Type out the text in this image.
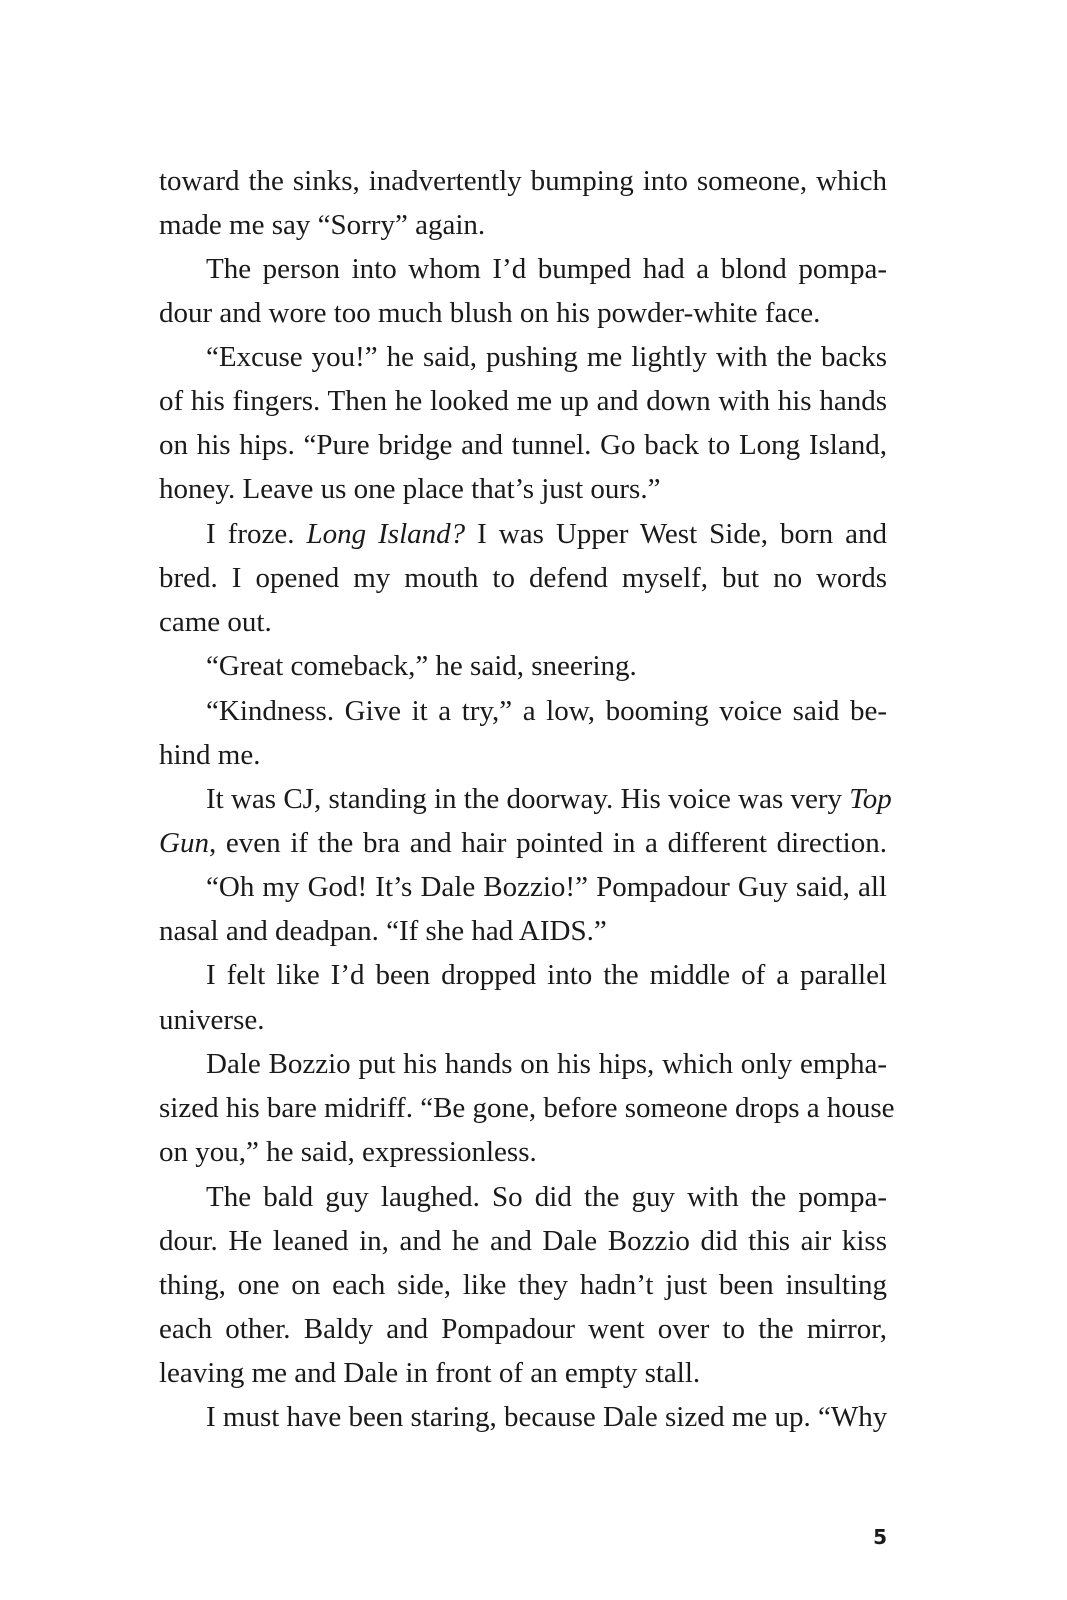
toward the sinks, inadvertently bumping into someone, which
made me say “Sorry” again.
The person into whom I’d bumped had a blond pompa-
dour and wore too much blush on his powder-white face.
“Excuse you!” he said, pushing me lightly with the backs
of his fingers. Then he looked me up and down with his hands
on his hips. “Pure bridge and tunnel. Go back to Long Island,
honey. Leave us one place that’s just ours.”
I froze. Long Island? I was Upper West Side, born and
bred. I opened my mouth to defend myself, but no words
came out.
“Great comeback,” he said, sneering.
“Kindness. Give it a try,” a low, booming voice said be-
hind me.
It was CJ, standing in the doorway. His voice was very Top
Gun, even if the bra and hair pointed in a different direction.
“Oh my God! It’s Dale Bozzio!” Pompadour Guy said, all
nasal and deadpan. “If she had AIDS.”
I felt like I’d been dropped into the middle of a parallel
universe.
Dale Bozzio put his hands on his hips, which only empha-
sized his bare midriff. “Be gone, before someone drops a house
on you,” he said, expressionless.
The bald guy laughed. So did the guy with the pompa-
dour. He leaned in, and he and Dale Bozzio did this air kiss
thing, one on each side, like they hadn’t just been insulting
each other. Baldy and Pompadour went over to the mirror,
leaving me and Dale in front of an empty stall.
I must have been staring, because Dale sized me up. “Why
5
